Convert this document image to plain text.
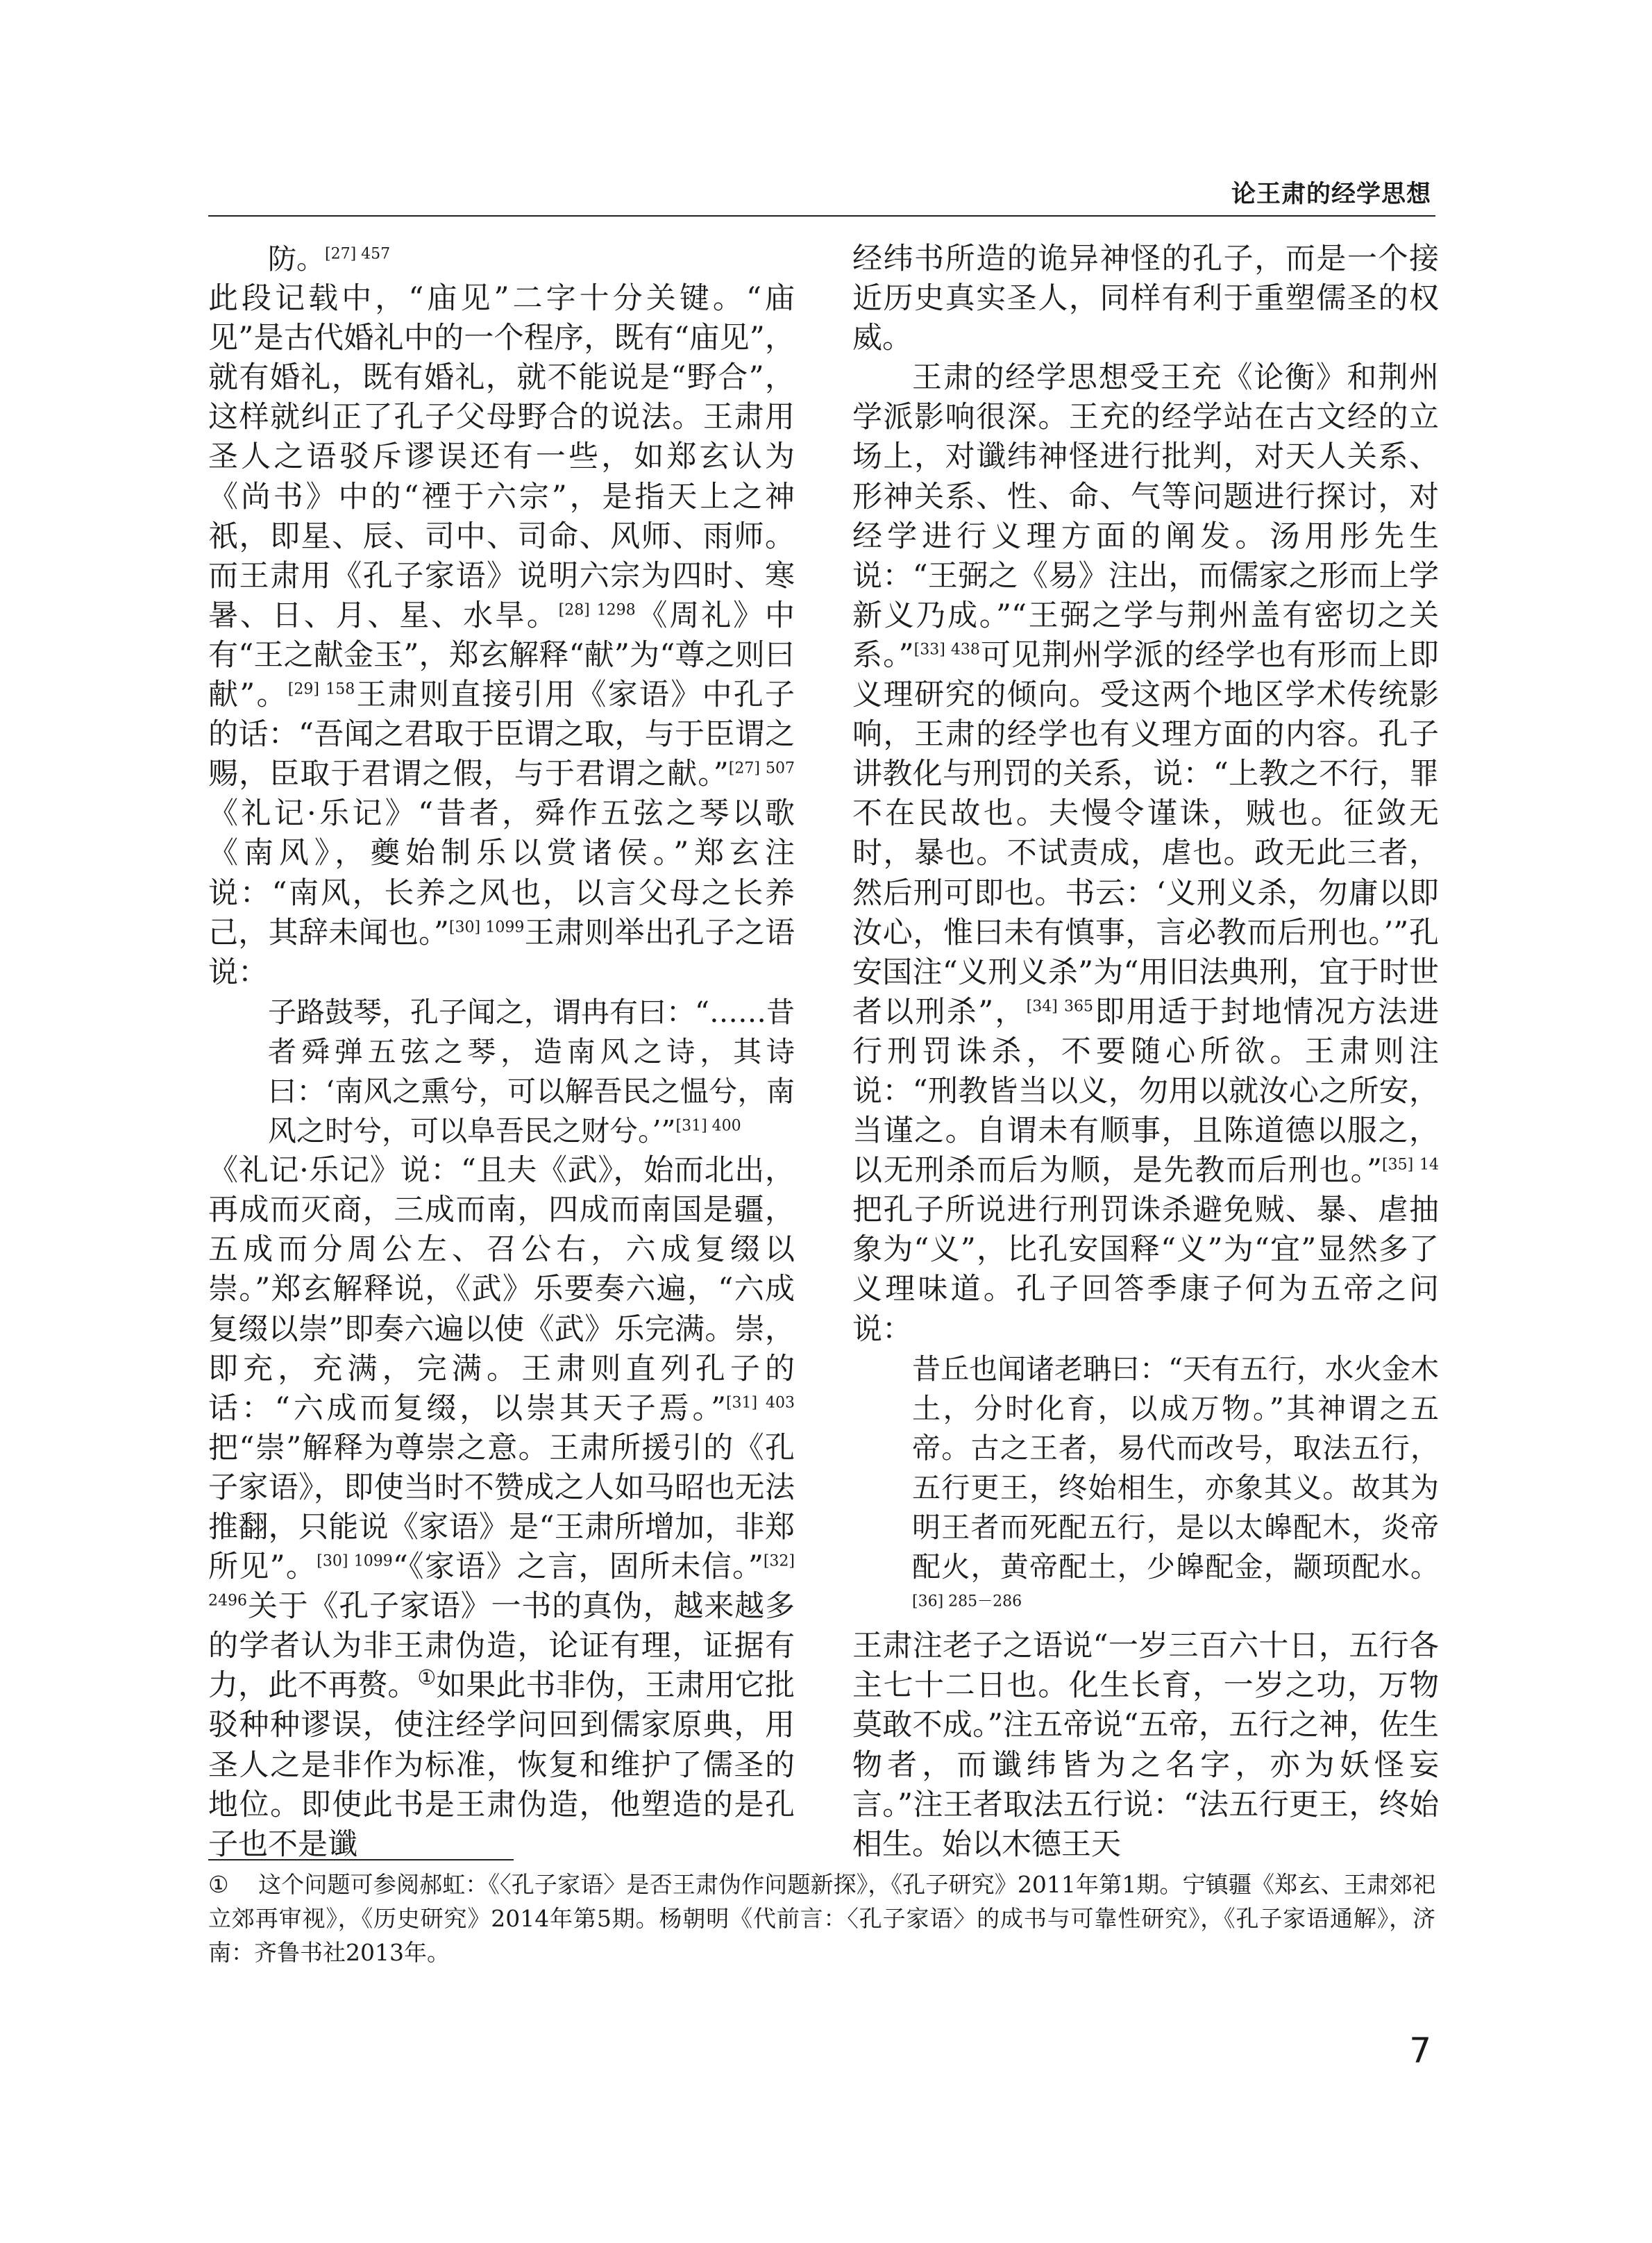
论王肃的经学思想

防。$^{[27] 457}$

此段记载中，“庙见”二字十分关键。“庙见”是古代婚礼中的一个程序，既有“庙见”，就有婚礼，既有婚礼，就不能说是“野合”，这样就纠正了孔子父母野合的说法。王肃用圣人之语驳斥谬误还有一些，如郑玄认为《尚书》中的“禋于六宗”，是指天上之神祇，即星、辰、司中、司命、风师、雨师。而王肃用《孔子家语》说明六宗为四时、寒暑、日、月、星、水旱。$^{[28] 1298}$《周礼》中有“王之献金玉”，郑玄解释“献”为“尊之则曰献”。$^{[29] 158}$王肃则直接引用《家语》中孔子的话：“吾闻之君取于臣谓之取，与于臣谓之赐，臣取于君谓之假，与于君谓之献。”$^{[27] 507}$《礼记·乐记》“昔者，舜作五弦之琴以歌《南风》，夔始制乐以赏诸侯。”郑玄注说：“南风，长养之风也，以言父母之长养己，其辞未闻也。”$^{[30] 1099}$王肃则举出孔子之语说：

子路鼓琴，孔子闻之，谓冉有曰：“……昔者舜弹五弦之琴，造南风之诗，其诗曰：‘南风之熏兮，可以解吾民之愠兮，南风之时兮，可以阜吾民之财兮。’”$^{[31] 400}$

《礼记·乐记》说：“且夫《武》，始而北出，再成而灭商，三成而南，四成而南国是疆，五成而分周公左、召公右，六成复缀以崇。”郑玄解释说，《武》乐要奏六遍，“六成复缀以崇”即奏六遍以使《武》乐完满。崇，即充，充满，完满。王肃则直列孔子的话：“六成而复缀，以崇其天子焉。”$^{[31] 403}$把“崇”解释为尊崇之意。王肃所援引的《孔子家语》，即使当时不赞成之人如马昭也无法推翻，只能说《家语》是“王肃所增加，非郑所见”。$^{[30] 1099}$“《家语》之言，固所未信。”$^{[32] 2496}$关于《孔子家语》一书的真伪，越来越多的学者认为非王肃伪造，论证有理，证据有力，此不再赘。①如果此书非伪，王肃用它批驳种种谬误，使注经学问回到儒家原典，用圣人之是非作为标准，恢复和维护了儒圣的地位。即使此书是王肃伪造，他塑造的是孔子也不是谶

经纬书所造的诡异神怪的孔子，而是一个接近历史真实圣人，同样有利于重塑儒圣的权威。

王肃的经学思想受王充《论衡》和荆州学派影响很深。王充的经学站在古文经的立场上，对谶纬神怪进行批判，对天人关系、形神关系、性、命、气等问题进行探讨，对经学进行义理方面的阐发。汤用彤先生说：“王弼之《易》注出，而儒家之形而上学新义乃成。”“王弼之学与荆州盖有密切之关系。”$^{[33] 438}$可见荆州学派的经学也有形而上即义理研究的倾向。受这两个地区学术传统影响，王肃的经学也有义理方面的内容。孔子讲教化与刑罚的关系，说：“上教之不行，罪不在民故也。夫慢令谨诛，贼也。征敛无时，暴也。不试责成，虐也。政无此三者，然后刑可即也。书云：‘义刑义杀，勿庸以即汝心，惟曰未有慎事，言必教而后刑也。’”孔安国注“义刑义杀”为“用旧法典刑，宜于时世者以刑杀”，$^{[34] 365}$即用适于封地情况方法进行刑罚诛杀，不要随心所欲。王肃则注说：“刑教皆当以义，勿用以就汝心之所安，当谨之。自谓未有顺事，且陈道德以服之，以无刑杀而后为顺，是先教而后刑也。”$^{[35] 14}$把孔子所说进行刑罚诛杀避免贼、暴、虐抽象为“义”，比孔安国释“义”为“宜”显然多了义理味道。孔子回答季康子何为五帝之问说：

昔丘也闻诸老聃曰：“天有五行，水火金木土，分时化育，以成万物。”其神谓之五帝。古之王者，易代而改号，取法五行，五行更王，终始相生，亦象其义。故其为明王者而死配五行，是以太皞配木，炎帝配火，黄帝配土，少皞配金，颛顼配水。$^{[36] 285-286}$

王肃注老子之语说“一岁三百六十日，五行各主七十二日也。化生长育，一岁之功，万物莫敢不成。”注五帝说“五帝，五行之神，佐生物者，而谶纬皆为之名字，亦为妖怪妄言。”注王者取法五行说：“法五行更王，终始相生。始以木德王天

① 这个问题可参阅郝虹：《〈孔子家语〉是否王肃伪作问题新探》，《孔子研究》2011年第1期。宁镇疆《郑玄、王肃郊祀立郊再审视》，《历史研究》2014年第5期。杨朝明《代前言：〈孔子家语〉的成书与可靠性研究》，《孔子家语通解》，济南：齐鲁书社2013年。
7
